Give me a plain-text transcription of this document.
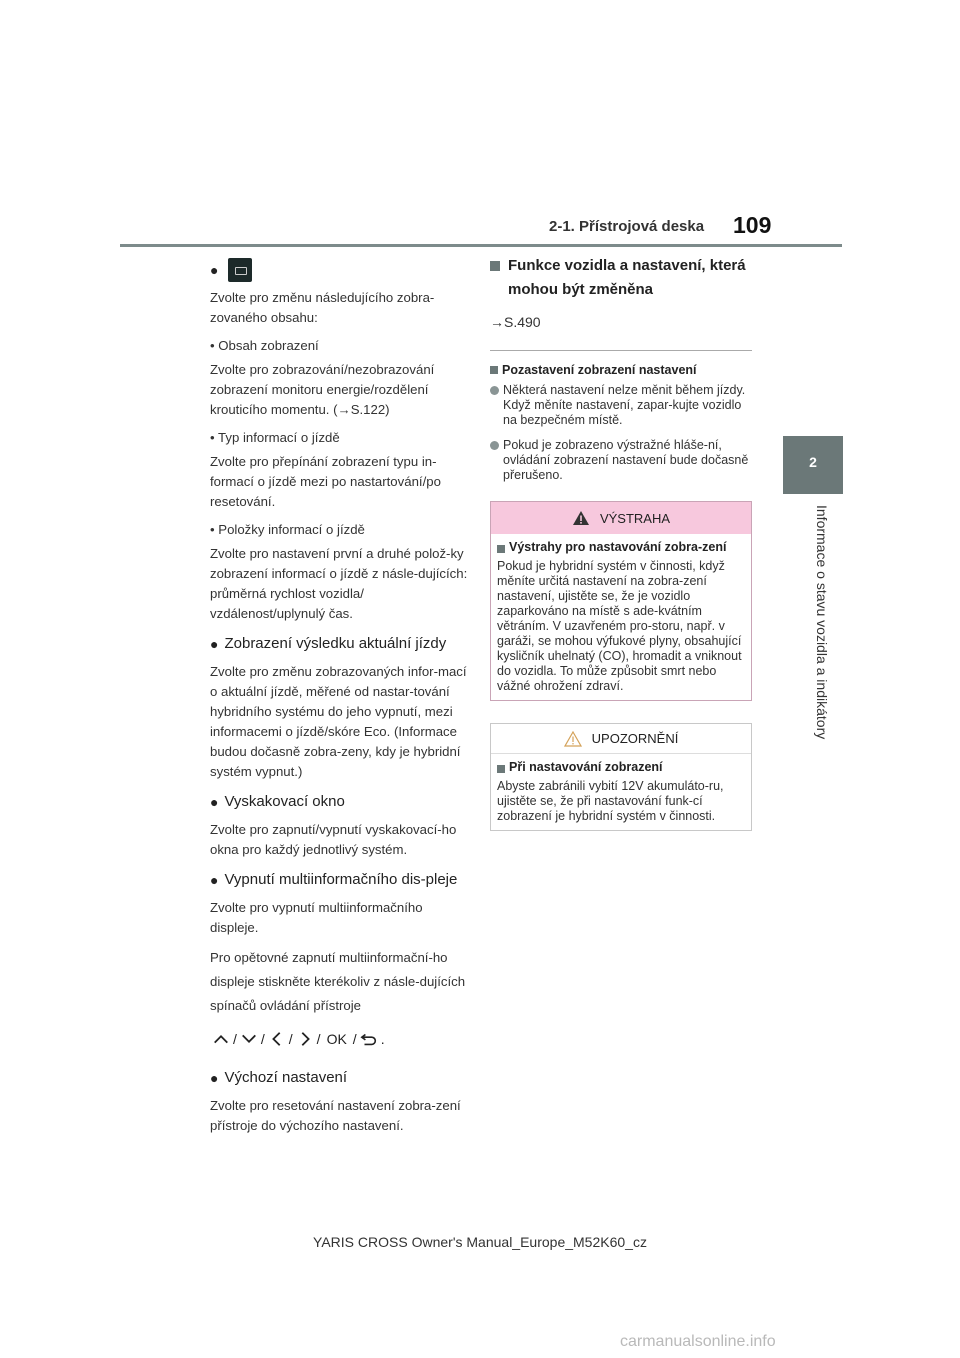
2-1. Přístrojová deska 109
2
Informace o stavu vozidla a indikátory
●

Zvolte pro změnu následujícího zobra-zovaného obsahu:

• Obsah zobrazení

Zvolte pro zobrazování/nezobrazování zobrazení monitoru energie/rozdělení krouticího momentu. (→S.122)

• Typ informací o jízdě

Zvolte pro přepínání zobrazení typu in-formací o jízdě mezi po nastartování/po resetování.

• Položky informací o jízdě

Zvolte pro nastavení první a druhé polož-ky zobrazení informací o jízdě z násle-dujících: průměrná rychlost vozidla/ vzdálenost/uplynulý čas.

● Zobrazení výsledku aktuální jízdy

Zvolte pro změnu zobrazovaných infor-mací o aktuální jízdě, měřené od nastar-tování hybridního systému do jeho vypnutí, mezi informacemi o jízdě/skóre Eco. (Informace budou dočasně zobra-zeny, kdy je hybridní systém vypnut.)

● Vyskakovací okno

Zvolte pro zapnutí/vypnutí vyskakovací-ho okna pro každý jednotlivý systém.

● Vypnutí multiinformačního dis-pleje

Zvolte pro vypnutí multiinformačního displeje.

Pro opětovné zapnutí multiinformační-ho displeje stiskněte kterékoliv z násle-dujících spínačů ovládání přístroje

/ / / / OK / .
● Výchozí nastavení

Zvolte pro resetování nastavení zobra-zení přístroje do výchozího nastavení.

Funkce vozidla a nastavení, která mohou být změněna

→S.490

Pozastavení zobrazení nastavení
Některá nastavení nelze měnit během jízdy. Když měníte nastavení, zapar-kujte vozidlo na bezpečném místě.
Pokud je zobrazeno výstražné hláše-ní, ovládání zobrazení nastavení bude dočasně přerušeno.
VÝSTRAHA
Výstrahy pro nastavování zobra-zení

Pokud je hybridní systém v činnosti, když měníte určitá nastavení na zobra-zení nastavení, ujistěte se, že je vozidlo zaparkováno na místě s ade-kvátním větráním. V uzavřeném pro-storu, např. v garáži, se mohou výfukové plyny, obsahující kysličník uhelnatý (CO), hromadit a vniknout do vozidla. To může způsobit smrt nebo vážné ohrožení zdraví.

UPOZORNĚNÍ
Při nastavování zobrazení

Abyste zabránili vybití 12V akumuláto-ru, ujistěte se, že při nastavování funk-cí zobrazení je hybridní systém v činnosti.

YARIS CROSS Owner's Manual_Europe_M52K60_cz
carmanualsonline.info
